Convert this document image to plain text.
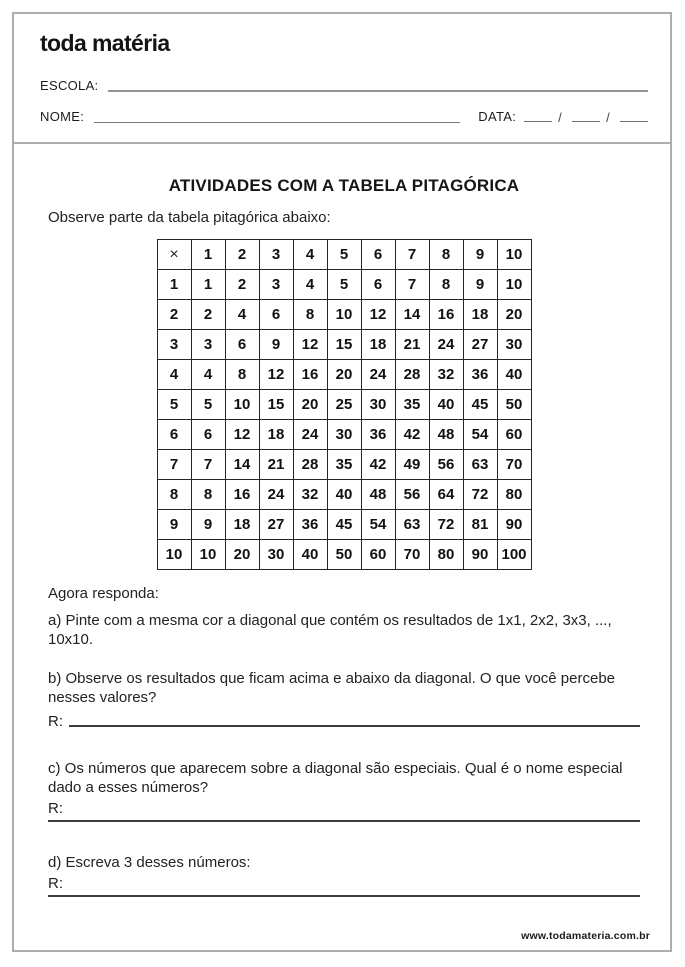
toda matéria
ESCOLA:
NOME:	DATA:	/	/
ATIVIDADES COM A TABELA PITAGÓRICA

Observe parte da tabela pitagórica abaixo:

×	1	2	3	4	5	6	7	8	9	10
1	1	2	3	4	5	6	7	8	9	10
2	2	4	6	8	10	12	14	16	18	20
3	3	6	9	12	15	18	21	24	27	30
4	4	8	12	16	20	24	28	32	36	40
5	5	10	15	20	25	30	35	40	45	50
6	6	12	18	24	30	36	42	48	54	60
7	7	14	21	28	35	42	49	56	63	70
8	8	16	24	32	40	48	56	64	72	80
9	9	18	27	36	45	54	63	72	81	90
10	10	20	30	40	50	60	70	80	90	100

Agora responda:

a) Pinte com a mesma cor a diagonal que contém os resultados de 1x1, 2x2, 3x3, ..., 10x10.

b) Observe os resultados que ficam acima e abaixo da diagonal. O que você percebe nesses valores?

R:

c) Os números que aparecem sobre a diagonal são especiais. Qual é o nome especial dado a esses números?

R:

d) Escreva 3 desses números:

R:
www.todamateria.com.br
